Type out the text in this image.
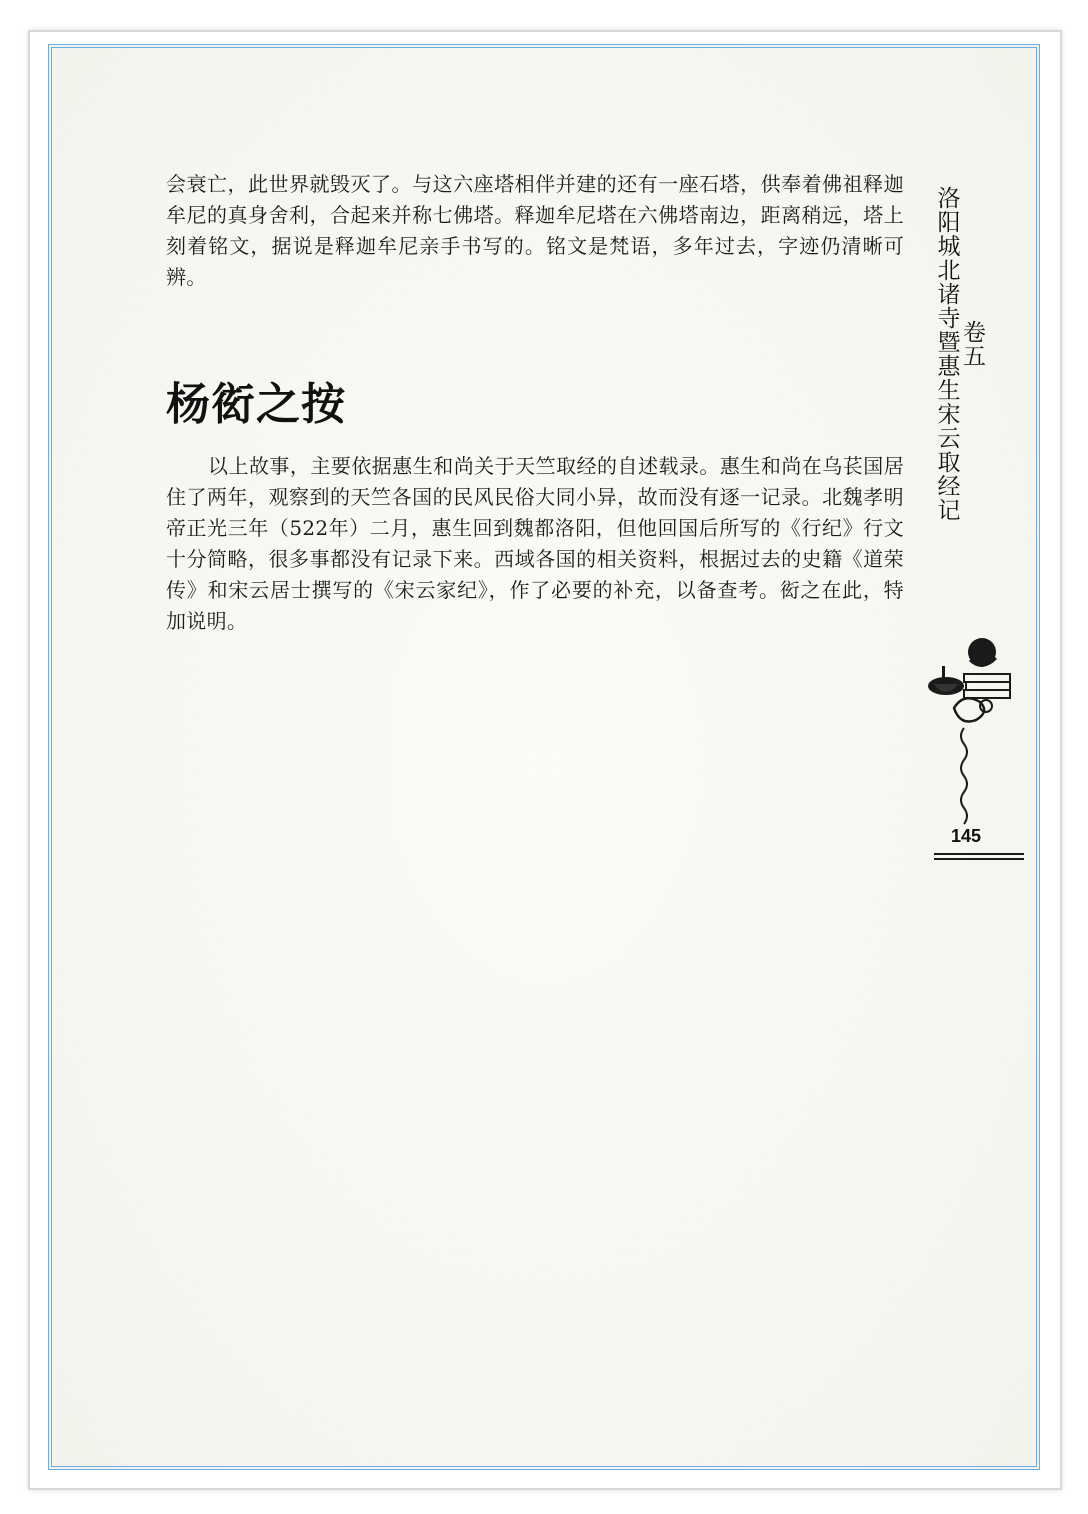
会衰亡，此世界就毁灭了。与这六座塔相伴并建的还有一座石塔，供奉着佛祖释迦牟尼的真身舍利，合起来并称七佛塔。释迦牟尼塔在六佛塔南边，距离稍远，塔上刻着铭文，据说是释迦牟尼亲手书写的。铭文是梵语，多年过去，字迹仍清晰可辨。

杨衒之按

以上故事，主要依据惠生和尚关于天竺取经的自述载录。惠生和尚在乌苌国居住了两年，观察到的天竺各国的民风民俗大同小异，故而没有逐一记录。北魏孝明帝正光三年（522年）二月，惠生回到魏都洛阳，但他回国后所写的《行纪》行文十分简略，很多事都没有记录下来。西域各国的相关资料，根据过去的史籍《道荣传》和宋云居士撰写的《宋云家纪》，作了必要的补充，以备查考。衒之在此，特加说明。

卷五
洛阳城北诸寺暨惠生宋云取经记
145
